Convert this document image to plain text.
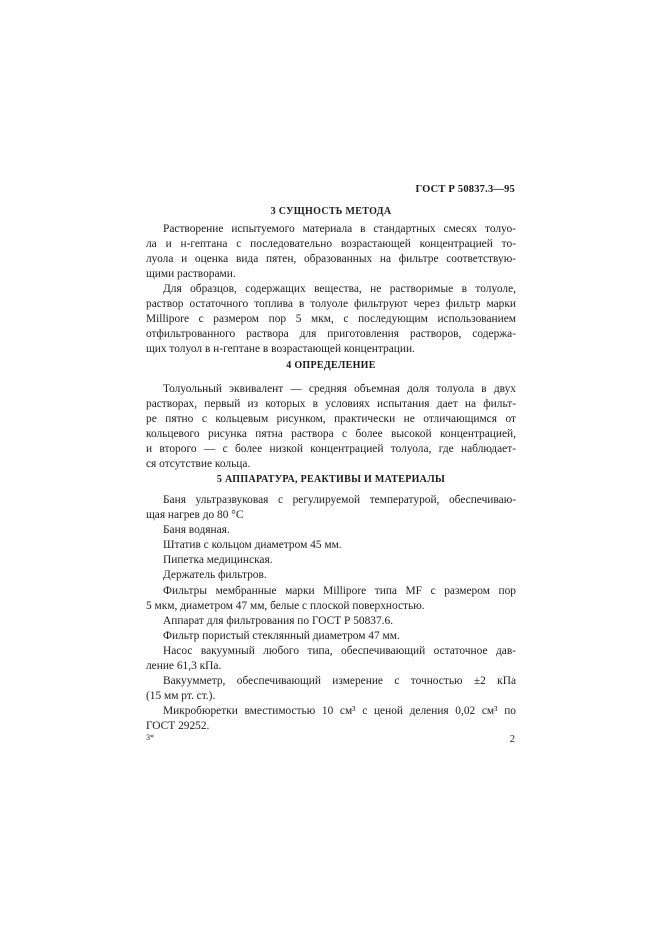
ГОСТ Р 50837.3—95
3 СУЩНОСТЬ МЕТОДА
Растворение испытуемого материала в стандартных смесях толуо-
ла и н-гептана с последовательно возрастающей концентрацией то-
луола и оценка вида пятен, образованных на фильтре соответствую-
щими растворами.
Для образцов, содержащих вещества, не растворимые в толуоле,
раствор остаточного топлива в толуоле фильтруют через фильтр марки
Millipore с размером пор 5 мкм, с последующим использованием
отфильтрованного раствора для приготовления растворов, содержа-
щих толуол в н-гептане в возрастающей концентрации.
4 ОПРЕДЕЛЕНИЕ
Толуольный эквивалент — средняя объемная доля толуола в двух
растворах, первый из которых в условиях испытания дает на фильт-
ре пятно с кольцевым рисунком, практически не отличающимся от
кольцевого рисунка пятна раствора с более высокой концентрацией,
и второго — с более низкой концентрацией толуола, где наблюдает-
ся отсутствие кольца.
5 АППАРАТУРА, РЕАКТИВЫ И МАТЕРИАЛЫ
Баня ультразвуковая с регулируемой температурой, обеспечиваю-
щая нагрев до 80 °С
Баня водяная.
Штатив с кольцом диаметром 45 мм.
Пипетка медицинская.
Держатель фильтров.
Фильтры мембранные марки Millipore типа MF с размером пор
5 мкм, диаметром 47 мм, белые с плоской поверхностью.
Аппарат для фильтрования по ГОСТ Р 50837.6.
Фильтр пористый стеклянный диаметром 47 мм.
Насос вакуумный любого типа, обеспечивающий остаточное дав-
ление 61,3 кПа.
Вакуумметр, обеспечивающий измерение с точностью ±2 кПа
(15 мм рт. ст.).
Микробюретки вместимостью 10 см³ с ценой деления 0,02 см³ по
ГОСТ 29252.
3*	2
